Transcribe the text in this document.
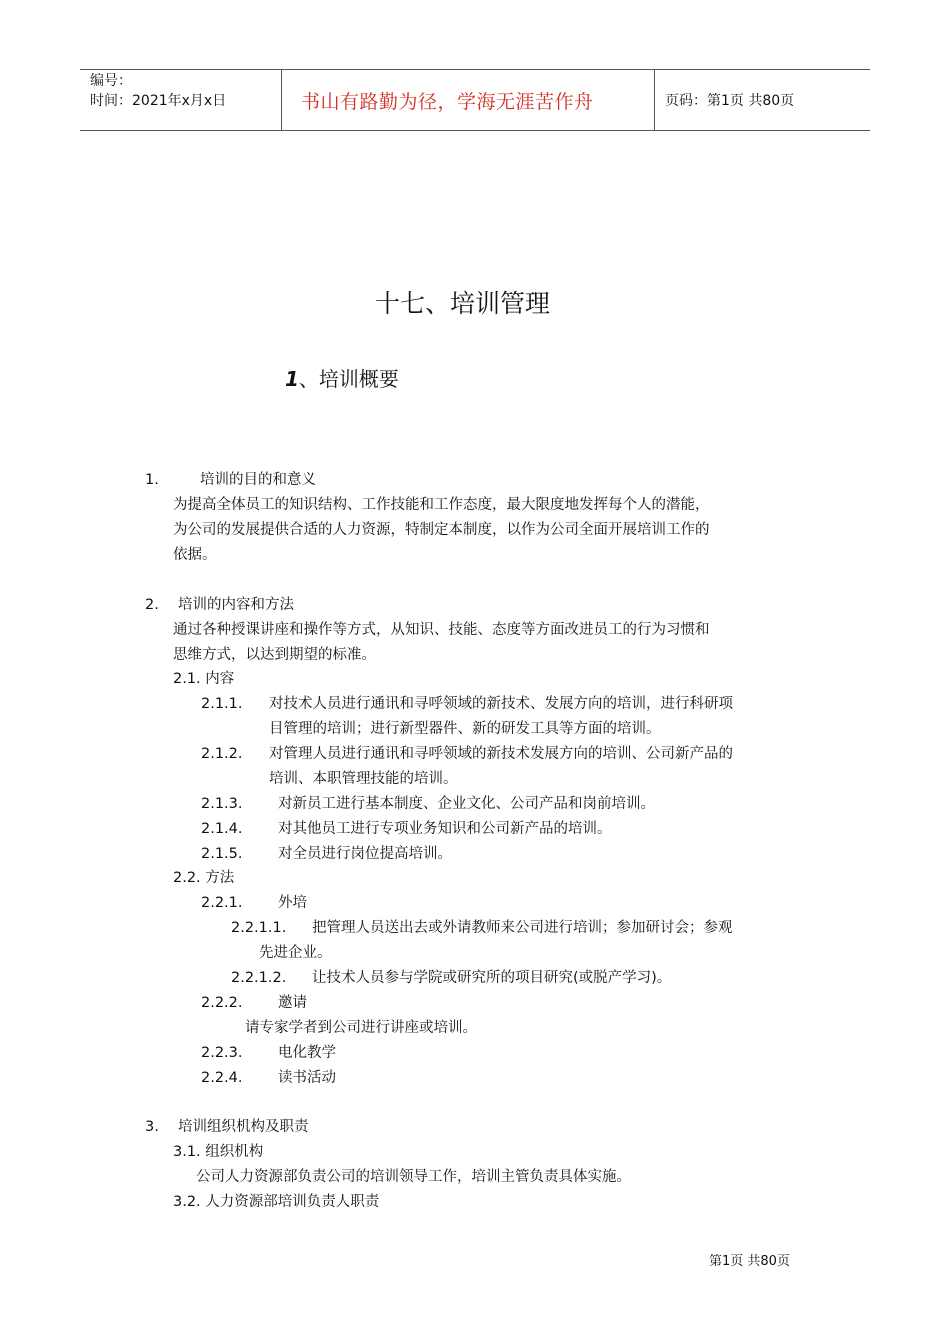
编号：
时间：2021年x月x日	书山有路勤为径，学海无涯苦作舟	页码：第1页 共80页
十七、培训管理
1、培训概要
1.	培训的目的和意义
为提高全体员工的知识结构、工作技能和工作态度，最大限度地发挥每个人的潜能，
为公司的发展提供合适的人力资源，特制定本制度，以作为公司全面开展培训工作的
依据。
2. 培训的内容和方法
通过各种授课讲座和操作等方式，从知识、技能、态度等方面改进员工的行为习惯和
思维方式，以达到期望的标准。
2.1. 内容
2.1.1. 对技术人员进行通讯和寻呼领域的新技术、发展方向的培训，进行科研项
目管理的培训；进行新型器件、新的研发工具等方面的培训。
2.1.2. 对管理人员进行通讯和寻呼领域的新技术发展方向的培训、公司新产品的
培训、本职管理技能的培训。
2.1.3. 对新员工进行基本制度、企业文化、公司产品和岗前培训。
2.1.4. 对其他员工进行专项业务知识和公司新产品的培训。
2.1.5. 对全员进行岗位提高培训。
2.2. 方法
2.2.1. 外培
2.2.1.1. 把管理人员送出去或外请教师来公司进行培训；参加研讨会；参观
先进企业。
2.2.1.2. 让技术人员参与学院或研究所的项目研究(或脱产学习)。
2.2.2. 邀请
请专家学者到公司进行讲座或培训。
2.2.3. 电化教学
2.2.4. 读书活动
3. 培训组织机构及职责
3.1. 组织机构
公司人力资源部负责公司的培训领导工作，培训主管负责具体实施。
3.2. 人力资源部培训负责人职责
第1页 共80页
